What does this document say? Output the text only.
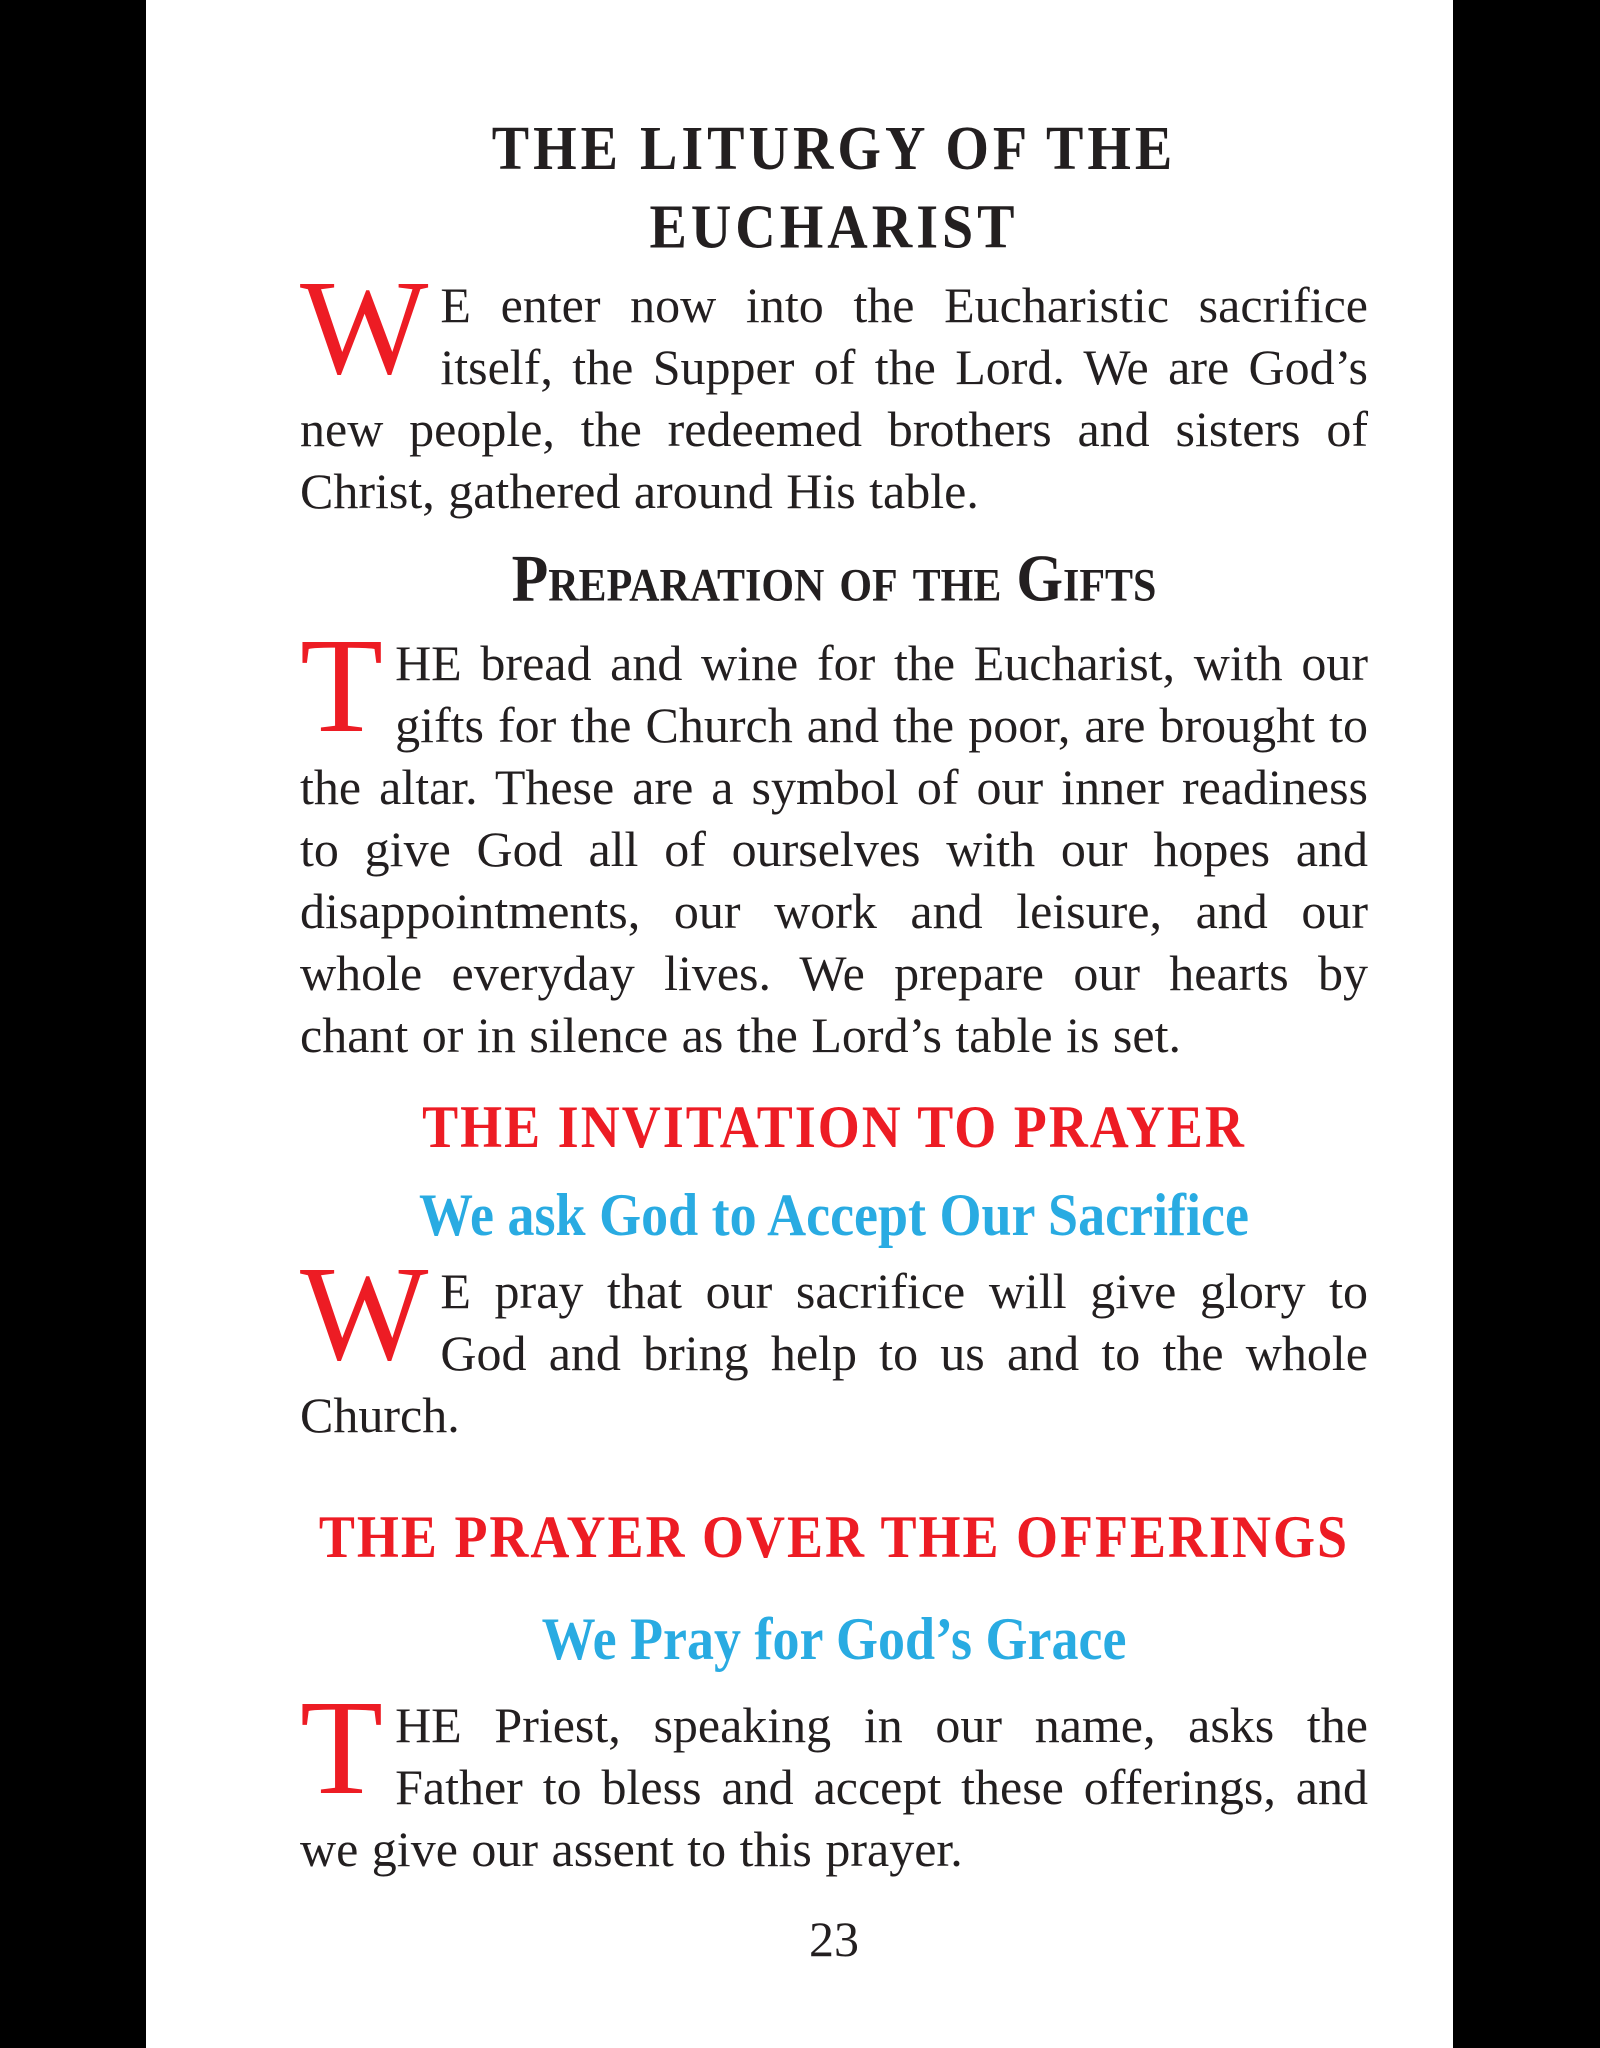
THE LITURGY OF THE EUCHARIST

W E enter now into the Eucharistic sacrifice itself, the Supper of the Lord. We are God’s new people, the redeemed brothers and sisters of Christ, gathered around His table.

Preparation of the Gifts

THE bread and wine for the Eucharist, with our gifts for the Church and the poor, are brought to the altar. These are a symbol of our inner readiness to give God all of ourselves with our hopes and disappointments, our work and leisure, and our whole everyday lives. We prepare our hearts by chant or in silence as the Lord’s table is set.

THE INVITATION TO PRAYER
We ask God to Accept Our Sacrifice

W E pray that our sacrifice will give glory to God and bring help to us and to the whole Church.

THE PRAYER OVER THE OFFERINGS
We Pray for God’s Grace

THE Priest, speaking in our name, asks the Father to bless and accept these offerings, and we give our assent to this prayer.

23
